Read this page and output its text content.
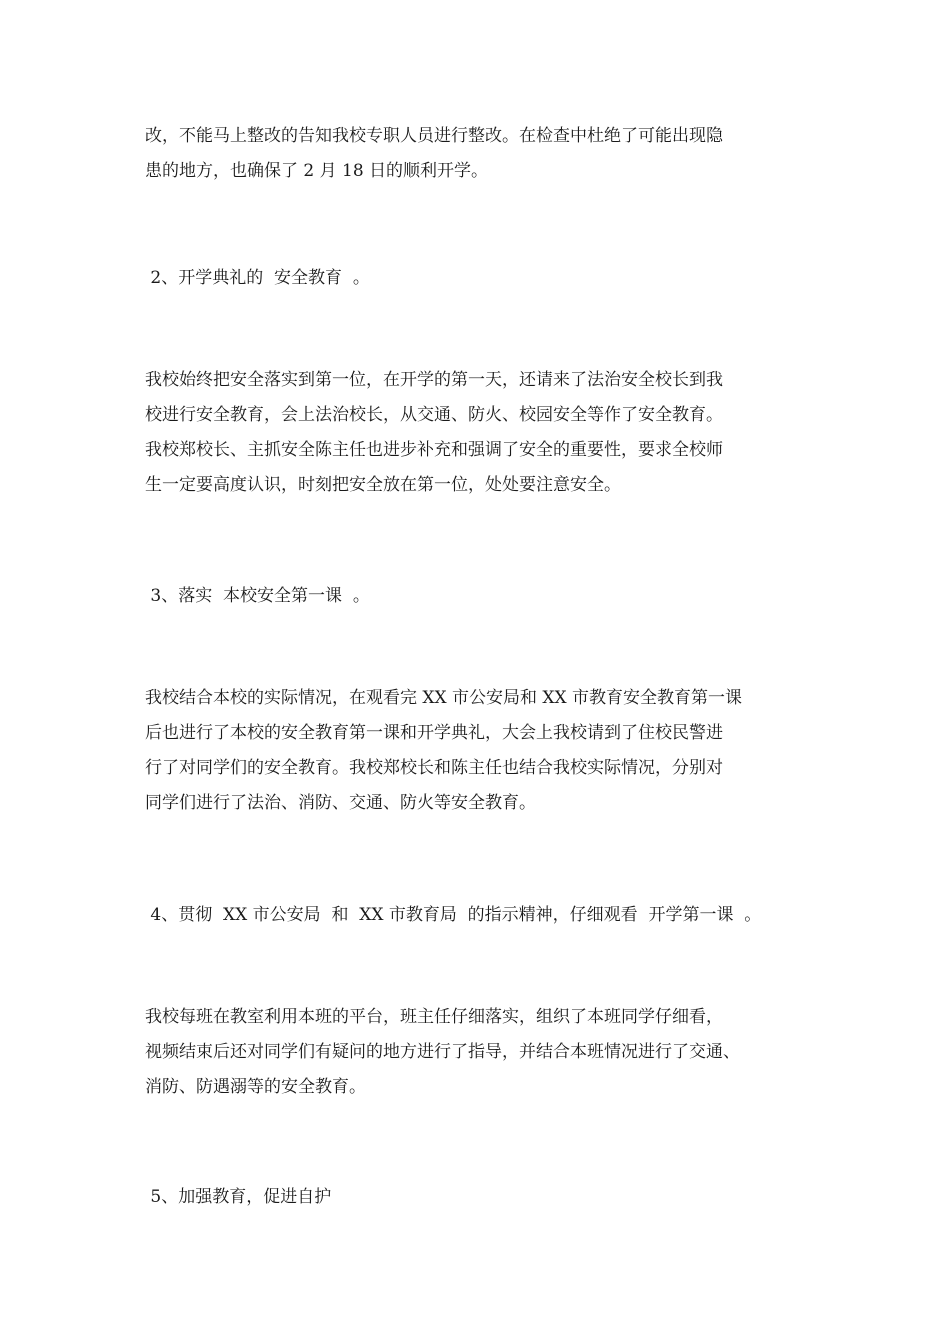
改，不能马上整改的告知我校专职人员进行整改。在检查中杜绝了可能出现隐
患的地方，也确保了 2 月 18 日的顺利开学。
2、开学典礼的  安全教育  。
我校始终把安全落实到第一位，在开学的第一天，还请来了法治安全校长到我
校进行安全教育，会上法治校长，从交通、防火、校园安全等作了安全教育。
我校郑校长、主抓安全陈主任也进步补充和强调了安全的重要性，要求全校师
生一定要高度认识，时刻把安全放在第一位，处处要注意安全。
3、落实  本校安全第一课  。
我校结合本校的实际情况，在观看完 XX 市公安局和 XX 市教育安全教育第一课
后也进行了本校的安全教育第一课和开学典礼，大会上我校请到了住校民警进
行了对同学们的安全教育。我校郑校长和陈主任也结合我校实际情况，分别对
同学们进行了法治、消防、交通、防火等安全教育。
4、贯彻  XX 市公安局  和  XX 市教育局  的指示精神，仔细观看  开学第一课  。
我校每班在教室利用本班的平台，班主任仔细落实，组织了本班同学仔细看，
视频结束后还对同学们有疑问的地方进行了指导，并结合本班情况进行了交通、
消防、防遇溺等的安全教育。
5、加强教育，促进自护
